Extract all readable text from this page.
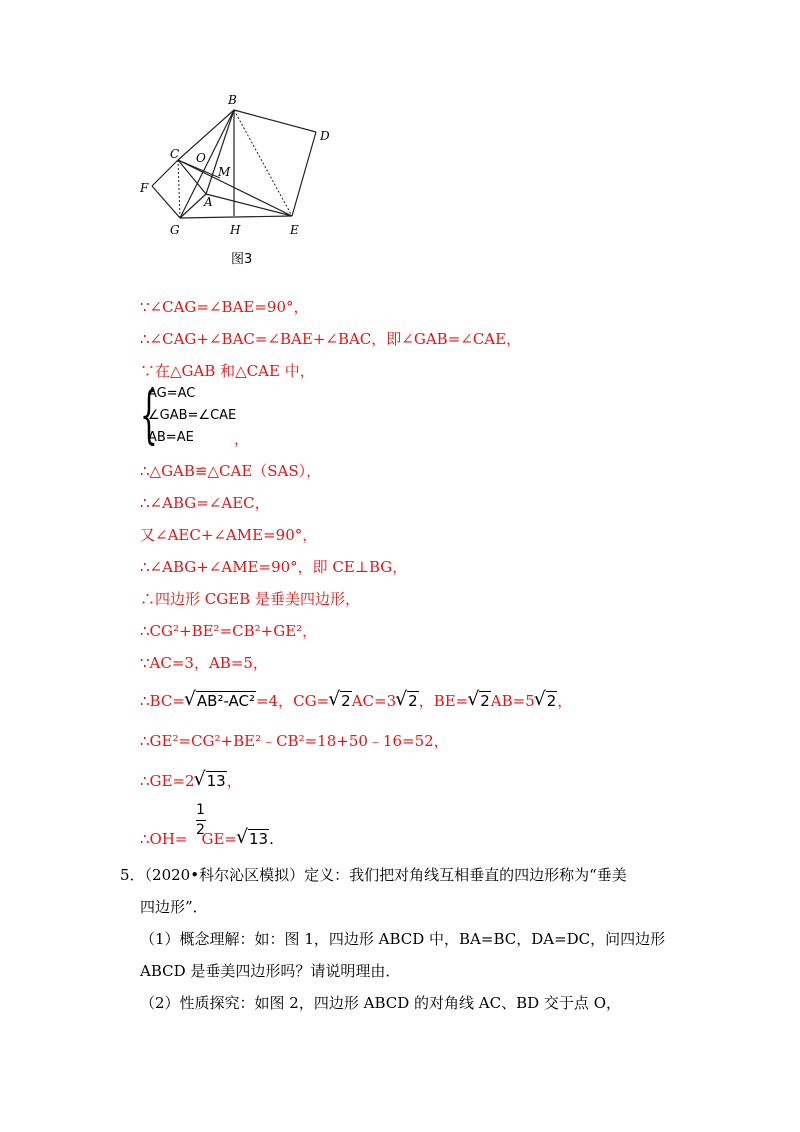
B
D
C O
M
F
A
G	H	E
图3
∵∠CAG=∠BAE=90°，
∴∠CAG+∠BAC=∠BAE+∠BAC，即∠GAB=∠CAE，
∵在△GAB 和△CAE 中，
{
AG=AC
∠GAB=∠CAE
AB=AE	，
∴△GAB≌△CAE（SAS），
∴∠ABG=∠AEC，
又∠AEC+∠AME=90°，
∴∠ABG+∠AME=90°，即 CE⊥BG，
∴四边形 CGEB 是垂美四边形，
∴CG²+BE²=CB²+GE²，
∵AC=3，AB=5，
∴BC= √ AB²-AC²=4，CG= √ 2AC=3 √ 2，BE= √ 2AB=5 √ 2，
∴GE²=CG²+BE²﹣CB²=18+50﹣16=52，
∴GE=2 √ 13，
1
2
∴OH= GE= √ 13.
5．（2020•科尔沁区模拟）定义：我们把对角线互相垂直的四边形称为“垂美
四边形”．
（1）概念理解：如：图 1，四边形 ABCD 中，BA=BC，DA=DC，问四边形
ABCD 是垂美四边形吗？请说明理由．
（2）性质探究：如图 2，四边形 ABCD 的对角线 AC、BD 交于点 O，
